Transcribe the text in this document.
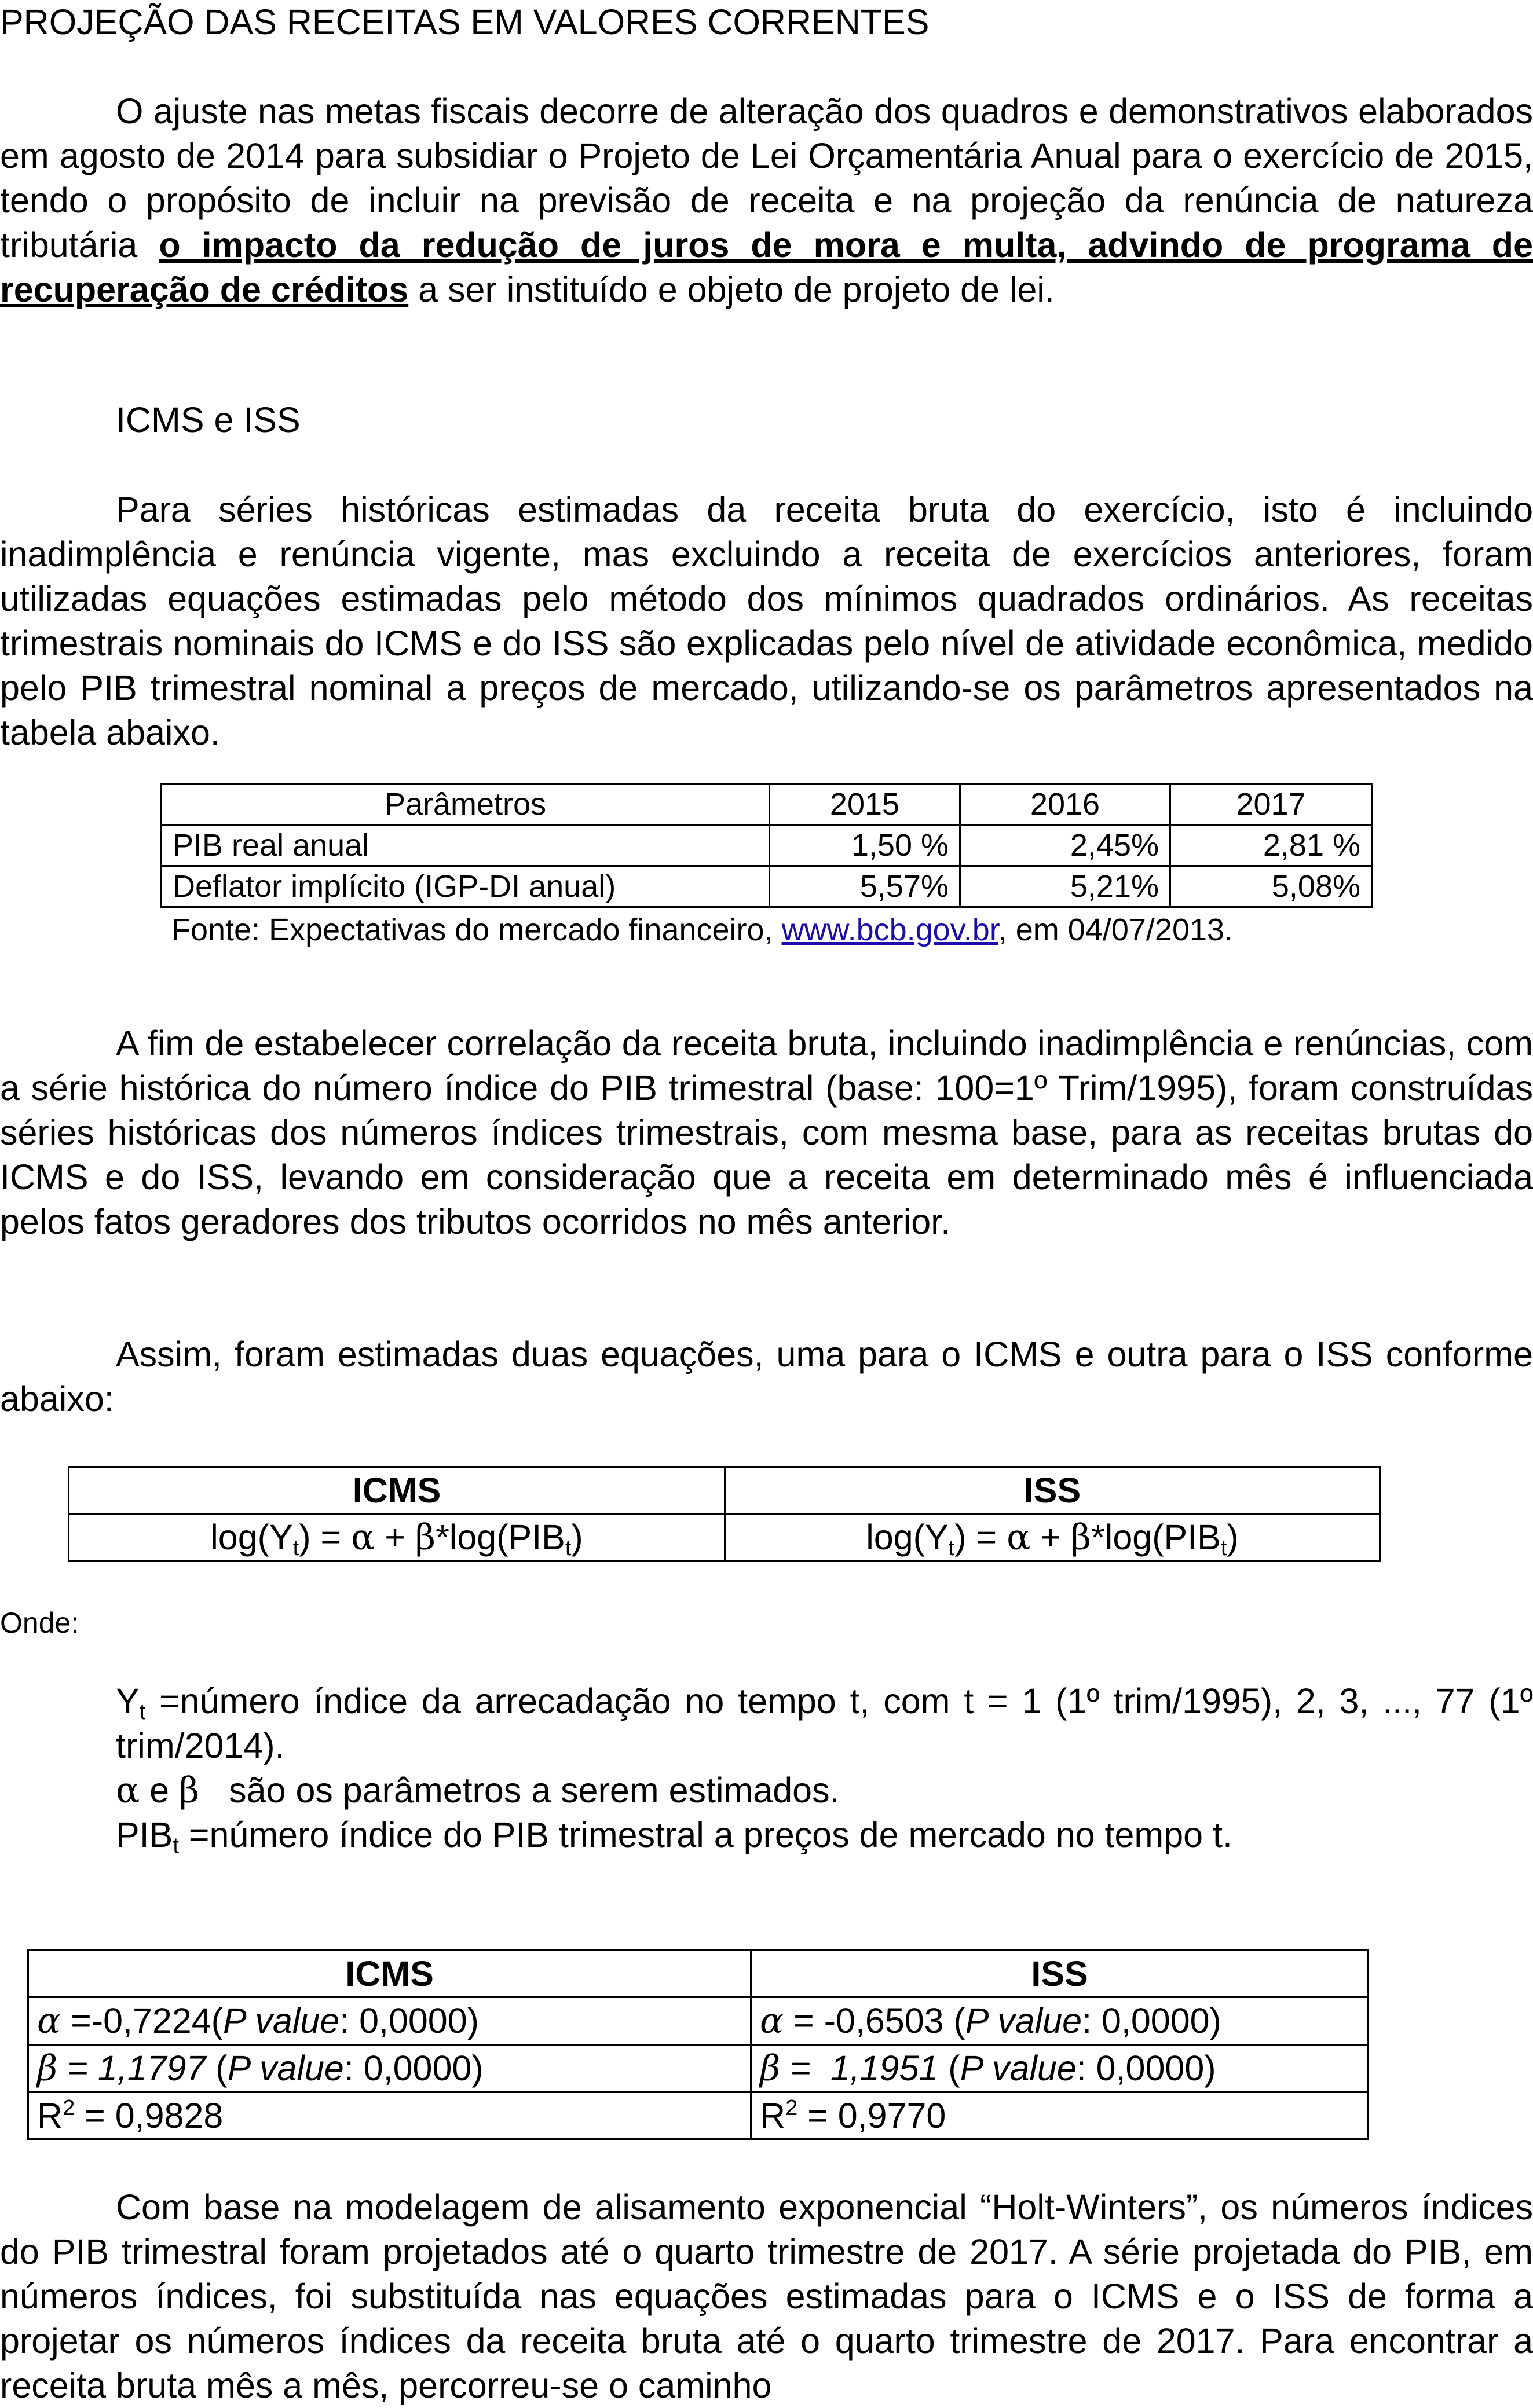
PROJEÇÃO DAS RECEITAS EM VALORES CORRENTES

O ajuste nas metas fiscais decorre de alteração dos quadros e demonstrativos elaborados em agosto de 2014 para subsidiar o Projeto de Lei Orçamentária Anual para o exercício de 2015, tendo o propósito de incluir na previsão de receita e na projeção da renúncia de natureza tributária o impacto da redução de juros de mora e multa, advindo de programa de recuperação de créditos a ser instituído e objeto de projeto de lei.

ICMS e ISS

Para séries históricas estimadas da receita bruta do exercício, isto é incluindo inadimplência e renúncia vigente, mas excluindo a receita de exercícios anteriores, foram utilizadas equações estimadas pelo método dos mínimos quadrados ordinários. As receitas trimestrais nominais do ICMS e do ISS são explicadas pelo nível de atividade econômica, medido pelo PIB trimestral nominal a preços de mercado, utilizando-se os parâmetros apresentados na tabela abaixo.

Parâmetros	2015	2016	2017
PIB real anual	1,50 %	2,45%	2,81 %
Deflator implícito (IGP-DI anual)	5,57%	5,21%	5,08%
Fonte: Expectativas do mercado financeiro, www.bcb.gov.br, em 04/07/2013.

A fim de estabelecer correlação da receita bruta, incluindo inadimplência e renúncias, com a série histórica do número índice do PIB trimestral (base: 100=1º Trim/1995), foram construídas séries históricas dos números índices trimestrais, com mesma base, para as receitas brutas do ICMS e do ISS, levando em consideração que a receita em determinado mês é influenciada pelos fatos geradores dos tributos ocorridos no mês anterior.

Assim, foram estimadas duas equações, uma para o ICMS e outra para o ISS conforme abaixo:

ICMS	ISS
$\log(Y_t) = \alpha + \beta*\log(PIB_t)$	$\log(Y_t) = \alpha + \beta*\log(PIB_t)$
Onde:
$Y_t$ =número índice da arrecadação no tempo t, com t = 1 (1º trim/1995), 2, 3, ..., 77 (1º trim/2014).
α e β   são os parâmetros a serem estimados.
$PIB_t$ =número índice do PIB trimestral a preços de mercado no tempo t.
ICMS	ISS
α =-0,7224(P value: 0,0000)	α = -0,6503 (P value: 0,0000)
β = 1,1797 (P value: 0,0000)	β =  1,1951 (P value: 0,0000)
$R^2 = 0,9828$	$R^2 = 0,9770$

Com base na modelagem de alisamento exponencial “Holt-Winters”, os números índices do PIB trimestral foram projetados até o quarto trimestre de 2017. A série projetada do PIB, em números índices, foi substituída nas equações estimadas para o ICMS e o ISS de forma a projetar os números índices da receita bruta até o quarto trimestre de 2017. Para encontrar a receita bruta mês a mês, percorreu-se o caminho
